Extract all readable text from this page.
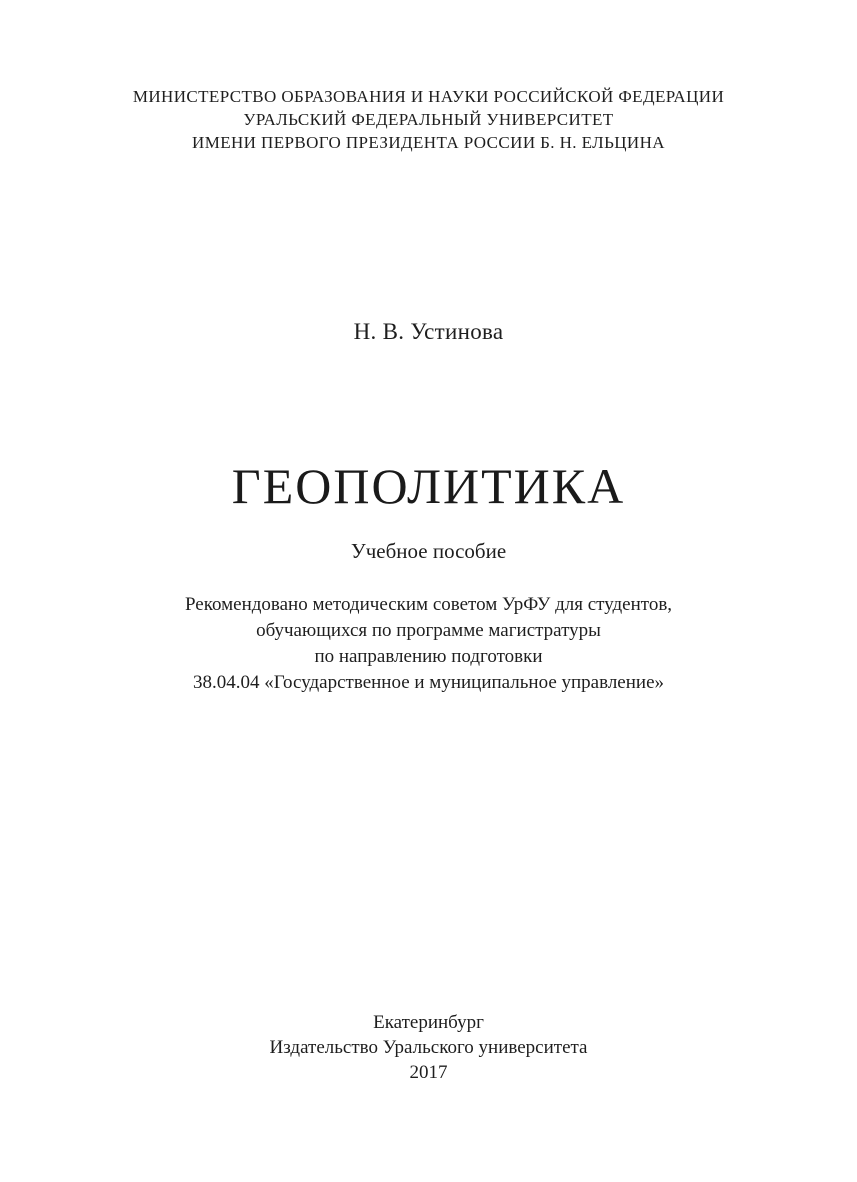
МИНИСТЕРСТВО ОБРАЗОВАНИЯ И НАУКИ РОССИЙСКОЙ ФЕДЕРАЦИИ
УРАЛЬСКИЙ ФЕДЕРАЛЬНЫЙ УНИВЕРСИТЕТ
ИМЕНИ ПЕРВОГО ПРЕЗИДЕНТА РОССИИ Б. Н. ЕЛЬЦИНА
Н. В. Устинова
ГЕОПОЛИТИКА
Учебное пособие
Рекомендовано методическим советом УрФУ для студентов,
обучающихся по программе магистратуры
по направлению подготовки
38.04.04 «Государственное и муниципальное управление»
Екатеринбург
Издательство Уральского университета
2017
